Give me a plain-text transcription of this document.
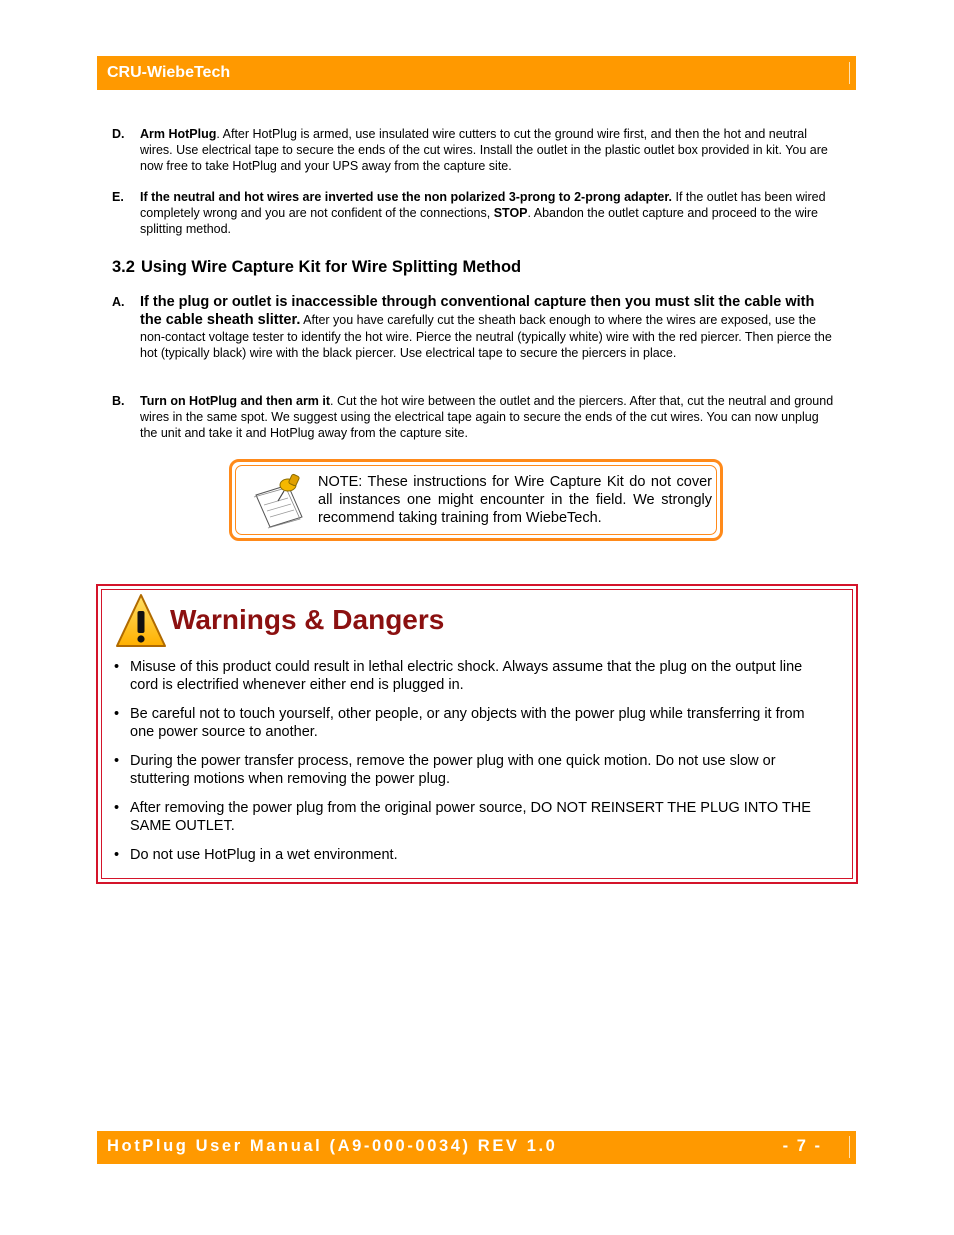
CRU-WiebeTech
D. Arm HotPlug. After HotPlug is armed, use insulated wire cutters to cut the ground wire first, and then the hot and neutral wires. Use electrical tape to secure the ends of the cut wires. Install the outlet in the plastic outlet box provided in kit. You are now free to take HotPlug and your UPS away from the capture site.
E. If the neutral and hot wires are inverted use the non polarized 3-prong to 2-prong adapter. If the outlet has been wired completely wrong and you are not confident of the connections, STOP. Abandon the outlet capture and proceed to the wire splitting method.
3.2 Using Wire Capture Kit for Wire Splitting Method
A. If the plug or outlet is inaccessible through conventional capture then you must slit the cable with the cable sheath slitter. After you have carefully cut the sheath back enough to where the wires are exposed, use the non-contact voltage tester to identify the hot wire. Pierce the neutral (typically white) wire with the red piercer. Then pierce the hot (typically black) wire with the black piercer. Use electrical tape to secure the piercers in place.
B. Turn on HotPlug and then arm it. Cut the hot wire between the outlet and the piercers. After that, cut the neutral and ground wires in the same spot. We suggest using the electrical tape again to secure the ends of the cut wires. You can now unplug the unit and take it and HotPlug away from the capture site.
NOTE: These instructions for Wire Capture Kit do not cover all instances one might encounter in the field. We strongly recommend taking training from WiebeTech.
Warnings & Dangers
• Misuse of this product could result in lethal electric shock. Always assume that the plug on the output line cord is electrified whenever either end is plugged in.
• Be careful not to touch yourself, other people, or any objects with the power plug while transferring it from one power source to another.
• During the power transfer process, remove the power plug with one quick motion. Do not use slow or stuttering motions when removing the power plug.
• After removing the power plug from the original power source, DO NOT REINSERT THE PLUG INTO THE SAME OUTLET.
• Do not use HotPlug in a wet environment.
HotPlug User Manual (A9-000-0034) REV 1.0	- 7 -
